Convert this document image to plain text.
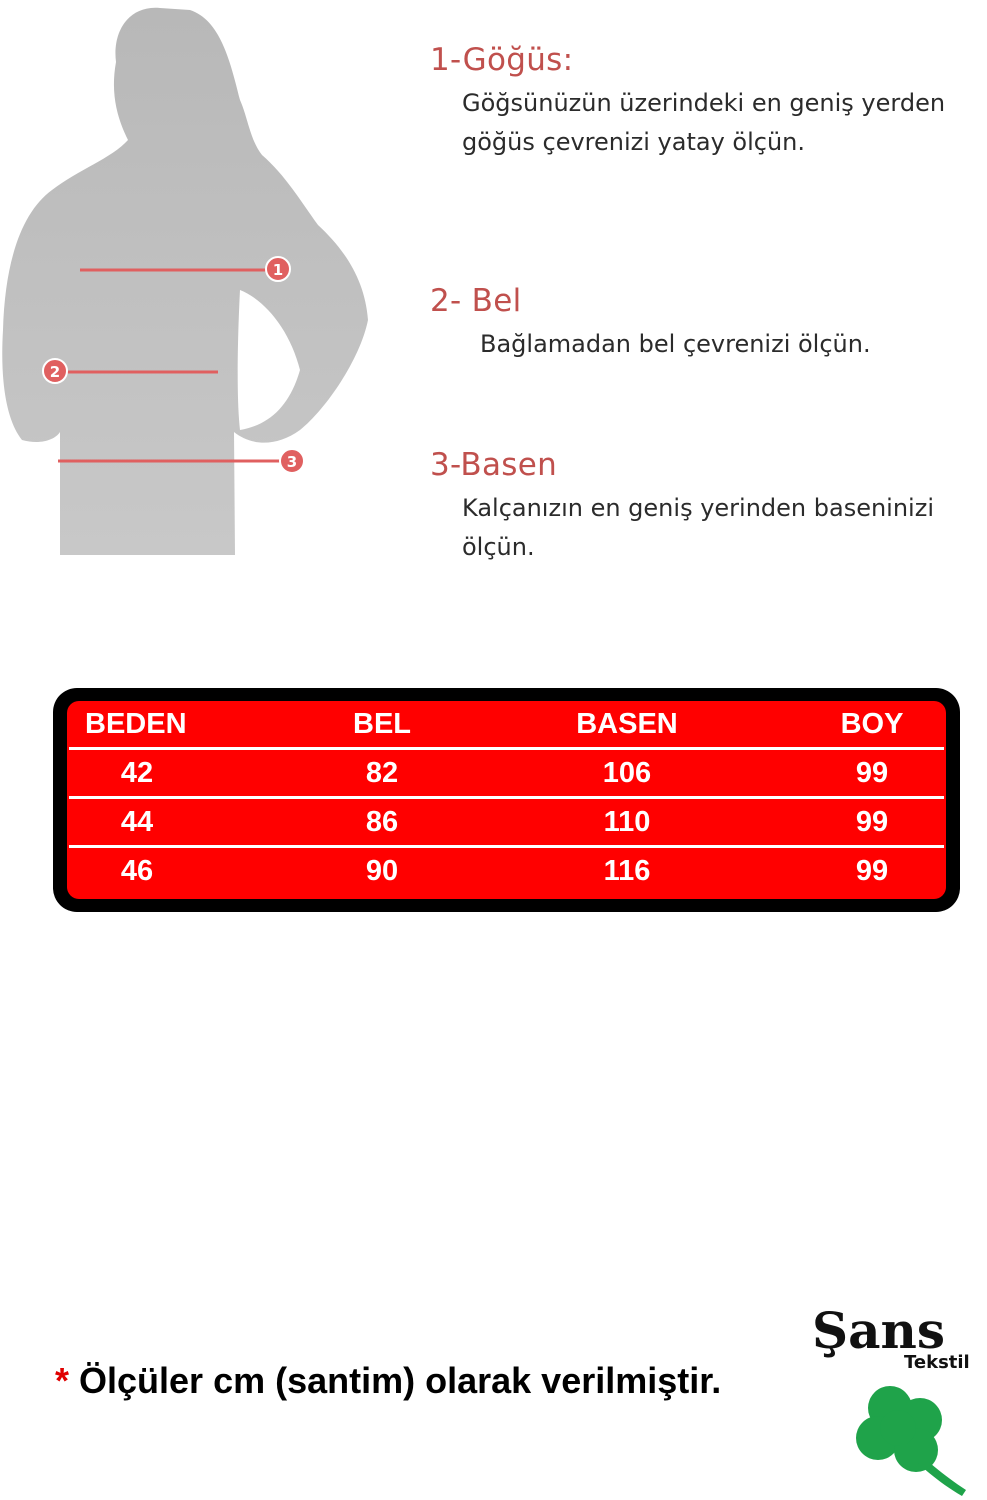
1
2
3
1-Göğüs:

Göğsünüzün üzerindeki en geniş yerden
göğüs çevrenizi yatay ölçün.

2- Bel

Bağlamadan bel çevrenizi ölçün.

3-Basen

Kalçanızın en geniş yerinden baseninizi
ölçün.

BEDEN	BEL	BASEN	BOY
42	82	106	99
44	86	110	99
46	90	116	99
* Ölçüler cm (santim) olarak verilmiştir.
Şans
Tekstil
